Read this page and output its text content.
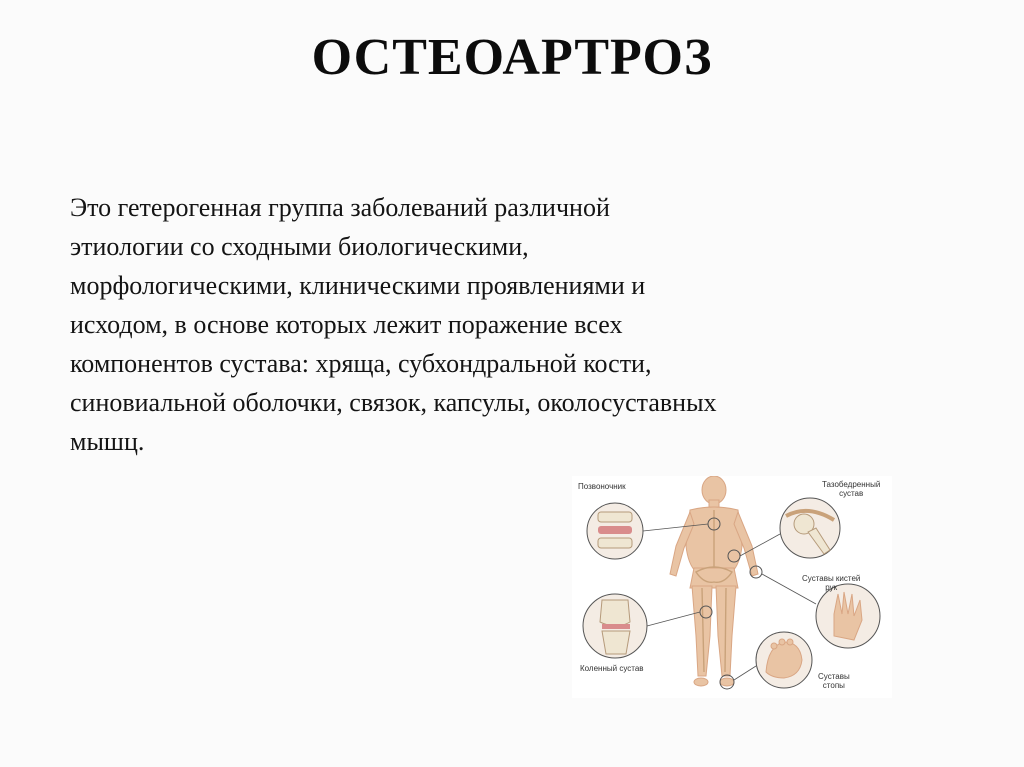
ОСТЕОАРТРОЗ
Это гетерогенная группа заболеваний различной
этиологии со сходными биологическими,
морфологическими, клиническими проявлениями и
исходом, в основе которых лежит поражение всех
компонентов сустава: хряща, субхондральной кости,
синовиальной оболочки, связок, капсулы, околосуставных
мышц.
Позвоночник	Тазобедренный
сустав
Суставы кистей
рук
Коленный сустав
Суставы
стопы
